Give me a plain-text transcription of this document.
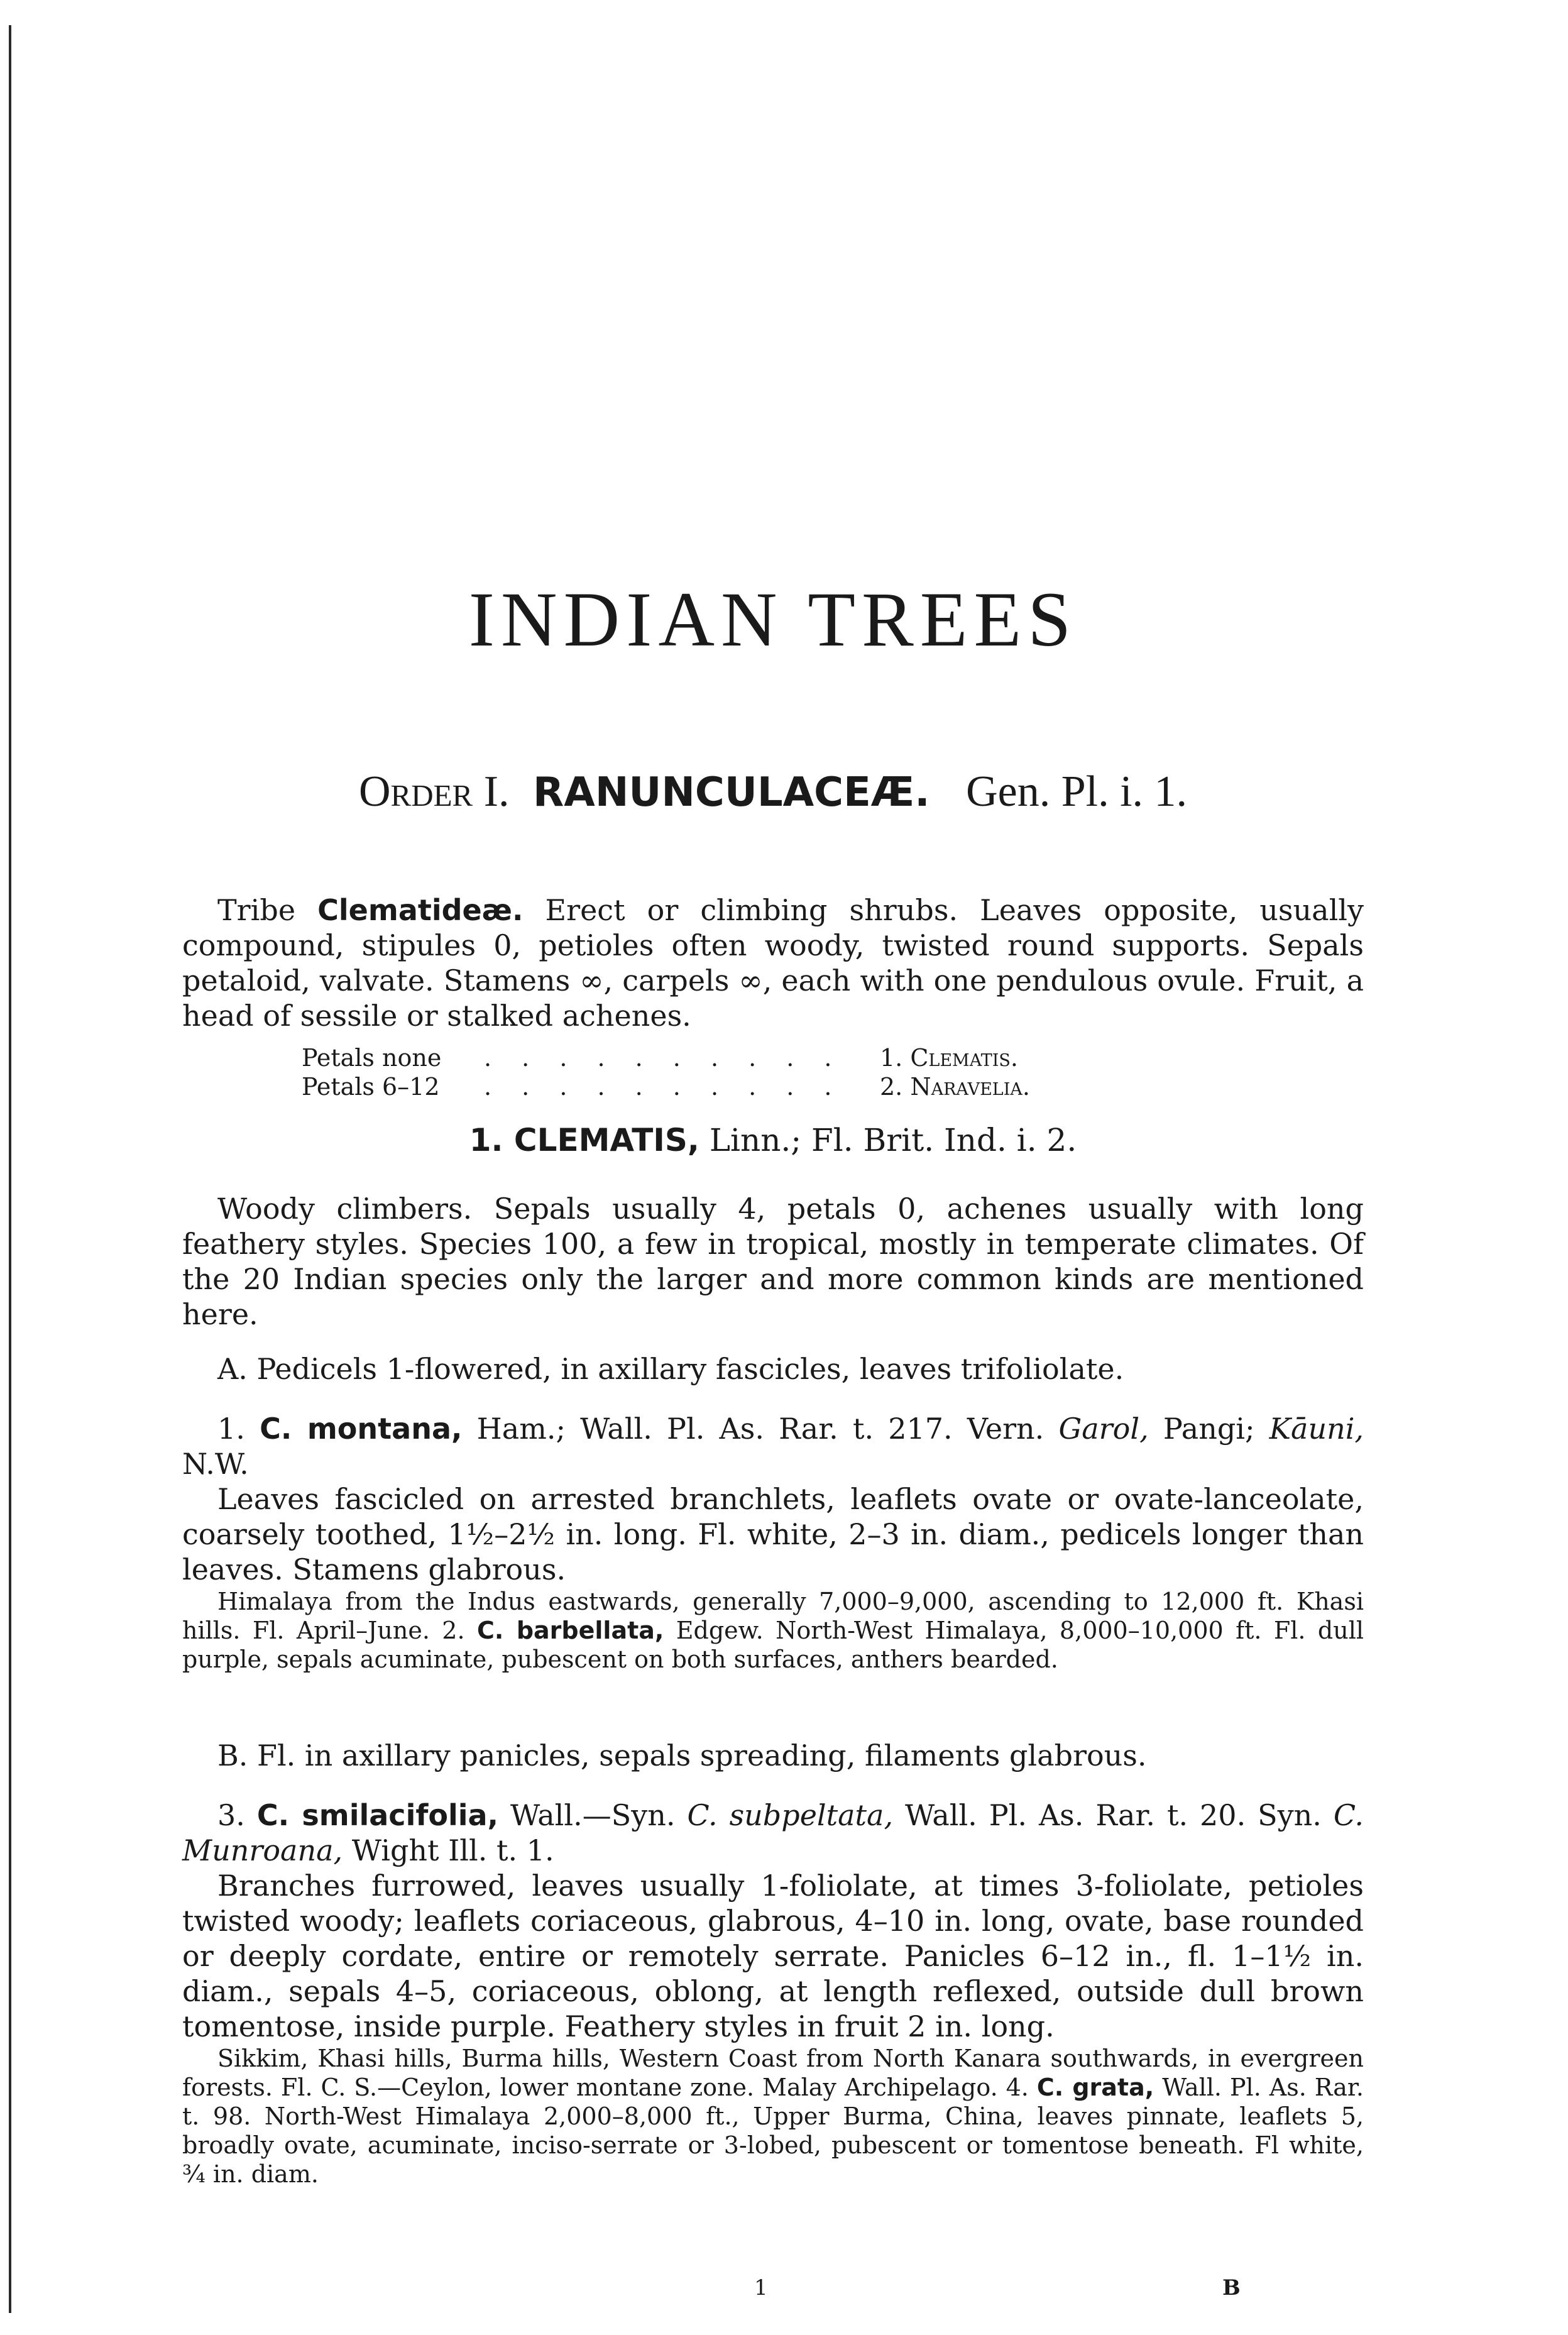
INDIAN TREES
Order I. RANUNCULACEÆ. Gen. Pl. i. 1.

Tribe Clematideæ. Erect or climbing shrubs. Leaves opposite, usually compound, stipules 0, petioles often woody, twisted round supports. Sepals petaloid, valvate. Stamens ∞, carpels ∞, each with one pendulous ovule. Fruit, a head of sessile or stalked achenes.

Petals none	. . . . . . . . . .	1. Clematis.
Petals 6–12	. . . . . . . . . .	2. Naravelia.
1. CLEMATIS, Linn.; Fl. Brit. Ind. i. 2.

Woody climbers. Sepals usually 4, petals 0, achenes usually with long feathery styles. Species 100, a few in tropical, mostly in temperate climates. Of the 20 Indian species only the larger and more common kinds are mentioned here.

A. Pedicels 1-flowered, in axillary fascicles, leaves trifoliolate.

1. C. montana, Ham.; Wall. Pl. As. Rar. t. 217. Vern. Garol, Pangi; Kāuni, N.W.

Leaves fascicled on arrested branchlets, leaflets ovate or ovate-lanceolate, coarsely toothed, 1½–2½ in. long. Fl. white, 2–3 in. diam., pedicels longer than leaves. Stamens glabrous.

Himalaya from the Indus eastwards, generally 7,000–9,000, ascending to 12,000 ft. Khasi hills. Fl. April–June. 2. C. barbellata, Edgew. North-West Himalaya, 8,000–10,000 ft. Fl. dull purple, sepals acuminate, pubescent on both surfaces, anthers bearded.

B. Fl. in axillary panicles, sepals spreading, filaments glabrous.

3. C. smilacifolia, Wall.—Syn. C. subpeltata, Wall. Pl. As. Rar. t. 20. Syn. C. Munroana, Wight Ill. t. 1.

Branches furrowed, leaves usually 1-foliolate, at times 3-foliolate, petioles twisted woody; leaflets coriaceous, glabrous, 4–10 in. long, ovate, base rounded or deeply cordate, entire or remotely serrate. Panicles 6–12 in., fl. 1–1½ in. diam., sepals 4–5, coriaceous, oblong, at length reflexed, outside dull brown tomentose, inside purple. Feathery styles in fruit 2 in. long.

Sikkim, Khasi hills, Burma hills, Western Coast from North Kanara southwards, in evergreen forests. Fl. C. S.—Ceylon, lower montane zone. Malay Archipelago. 4. C. grata, Wall. Pl. As. Rar. t. 98. North-West Himalaya 2,000–8,000 ft., Upper Burma, China, leaves pinnate, leaflets 5, broadly ovate, acuminate, inciso-serrate or 3-lobed, pubescent or tomentose beneath. Fl white, ¾ in. diam.

1	B
